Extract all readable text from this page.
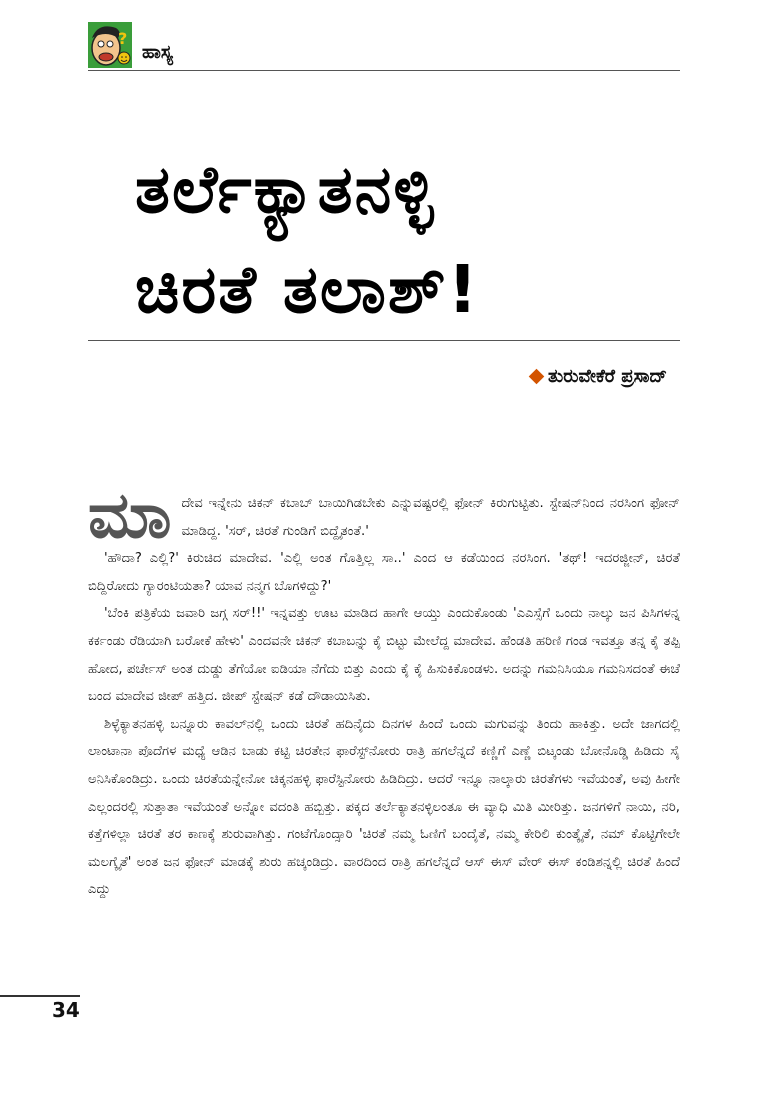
?
ಹಾಸ್ಯ
ತರ್ಲೆಕ್ಯಾತನಳ್ಳಿ
ಚಿರತೆ ತಲಾಶ್!
ತುರುವೇಕೆರೆ ಪ್ರಸಾದ್
ಮಾ ದೇವ ಇನ್ನೇನು ಚಿಕನ್ ಕಬಾಬ್ ಬಾಯಿಗಿಡಬೇಕು ಎನ್ನುವಷ್ಟರಲ್ಲಿ ಫೋನ್ ಕಿರುಗುಟ್ಟಿತು. ಸ್ಟೇಷನ್‌ನಿಂದ ನರಸಿಂಗ ಫೋನ್ ಮಾಡಿದ್ದ. 'ಸರ್, ಚಿರತೆ ಗುಂಡಿಗೆ ಬಿದ್ದೈತಂತೆ.'

'ಹೌದಾ? ಎಲ್ಲಿ?' ಕಿರುಚಿದ ಮಾದೇವ. 'ಎಲ್ಲಿ ಅಂತ ಗೊತ್ತಿಲ್ಲ ಸಾ..' ಎಂದ ಆ ಕಡೆಯಿಂದ ನರಸಿಂಗ. 'ತಥ್! ಇದರಜ್ಜೀನ್, ಚಿರತೆ ಬಿದ್ದಿರೋದು ಗ್ಯಾರಂಟಿಯತಾ? ಯಾವ ನನ್ಮಗ ಬೊಗಳಿದ್ದು?'

'ಬೆಂಕಿ ಪತ್ರಿಕೆಯ ಜವಾರಿ ಜಗ್ಗ ಸರ್!!' ಇನ್ನವತ್ತು ಊಟ ಮಾಡಿದ ಹಾಗೇ ಆಯ್ತು ಎಂದುಕೊಂಡು 'ಎಎಸ್ಸೆಗೆ ಒಂದು ನಾಲ್ಕು ಜನ ಪಿಸಿಗಳನ್ನ ಕರ್ಕಂಡು ರೆಡಿಯಾಗಿ ಬರೋಕೆ ಹೇಳು' ಎಂದವನೇ ಚಿಕನ್ ಕಬಾಬನ್ನು ಕೈ ಬಿಟ್ಟು ಮೇಲೆದ್ದ ಮಾದೇವ. ಹೆಂಡತಿ ಹರಿಣಿ ಗಂಡ ಇವತ್ತೂ ತನ್ನ ಕೈ ತಪ್ಪಿ ಹೋದ, ಪರ್ಚೇಸ್ ಅಂತ ದುಡ್ಡು ತೆಗೆಯೋ ಐಡಿಯಾ ನೆಗೆದು ಬಿತ್ತು ಎಂದು ಕೈ ಕೈ ಹಿಸುಕಿಕೊಂಡಳು. ಅದನ್ನು ಗಮನಿಸಿಯೂ ಗಮನಿಸದಂತೆ ಈಚೆ ಬಂದ ಮಾದೇವ ಜೀಪ್ ಹತ್ತಿದ. ಜೀಪ್ ಸ್ಟೇಷನ್ ಕಡೆ ದೌಡಾಯಿಸಿತು.

ಶಿಳ್ಳೆಕ್ಯಾತನಹಳ್ಳಿ ಬನ್ನೂರು ಕಾವಲ್‌ನಲ್ಲಿ ಒಂದು ಚಿರತೆ ಹದಿನೈದು ದಿನಗಳ ಹಿಂದೆ ಒಂದು ಮಗುವನ್ನು ತಿಂದು ಹಾಕಿತ್ತು. ಅದೇ ಜಾಗದಲ್ಲಿ ಲಾಂಟಾನಾ ಪೊದೆಗಳ ಮಧ್ಯೆ ಆಡಿನ ಬಾಡು ಕಟ್ಟಿ ಚಿರತೇನ ಫಾರೆಸ್ಟ್‌ನೋರು ರಾತ್ರಿ ಹಗಲೆನ್ನದೆ ಕಣ್ಣಿಗೆ ಎಣ್ಣೆ ಬಿಟ್ಕಂಡು ಬೋನೊಡ್ಡಿ ಹಿಡಿದು ಸೈ ಅನಿಸಿಕೊಂಡಿದ್ರು. ಒಂದು ಚಿರತೆಯನ್ನೇನೋ ಚಿಕ್ಕನಹಳ್ಳಿ ಫಾರೆಸ್ಟಿನೋರು ಹಿಡಿದಿದ್ರು. ಆದರೆ ಇನ್ನೂ ನಾಲ್ಕಾರು ಚಿರತೆಗಳು ಇವೆಯಂತೆ, ಅವು ಹೀಗೇ ಎಲ್ಲಂದರಲ್ಲಿ ಸುತ್ತಾತಾ ಇವೆಯಂತೆ ಅನ್ನೋ ವದಂತಿ ಹಬ್ಬಿತ್ತು. ಪಕ್ಕದ ತರ್ಲೆಕ್ಯಾತನಳ್ಳಿಲಂತೂ ಈ ವ್ಯಾಧಿ ಮಿತಿ ಮೀರಿತ್ತು. ಜನಗಳಿಗೆ ನಾಯಿ, ನರಿ, ಕತ್ತೆಗಳಿಲ್ಲಾ ಚಿರತೆ ತರ ಕಾಣಕ್ಕೆ ಶುರುವಾಗಿತ್ತು. ಗಂಟೆಗೊಂದ್ಸಾರಿ 'ಚಿರತೆ ನಮ್ಮ ಓಣಿಗೆ ಬಂದೈತೆ, ನಮ್ಮ ಕೇರಿಲಿ ಕುಂತ್ಕೈತೆ, ನಮ್ ಕೊಟ್ಟಿಗೇಲೇ ಮಲಗ್ಕೈತೆ' ಅಂತ ಜನ ಫೋನ್ ಮಾಡಕ್ಕೆ ಶುರು ಹಚ್ಕಂಡಿದ್ರು. ವಾರದಿಂದ ರಾತ್ರಿ ಹಗಲೆನ್ನದೆ ಆಸ್ ಈಸ್ ವೇರ್ ಈಸ್ ಕಂಡಿಶನ್ನಲ್ಲಿ ಚಿರತೆ ಹಿಂದೆ ಎದ್ದು

34
